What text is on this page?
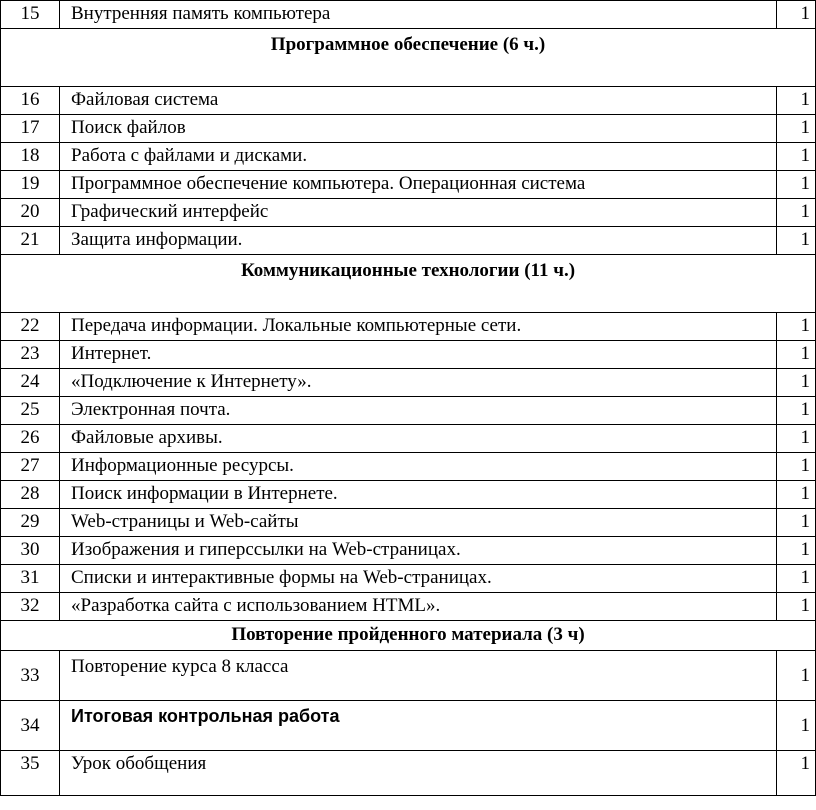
15	Внутренняя память компьютера	1
Программное обеспечение (6 ч.)		
16	Файловая система	1
17	Поиск файлов	1
18	Работа с файлами и дисками.	1
19	Программное обеспечение компьютера. Операционная система	1
20	Графический интерфейс	1
21	Защита информации.	1
Коммуникационные технологии (11 ч.)		
22	Передача информации. Локальные компьютерные сети.	1
23	Интернет.	1
24	«Подключение к Интернету».	1
25	Электронная почта.	1
26	Файловые архивы.	1
27	Информационные ресурсы.	1
28	Поиск информации в Интернете.	1
29	Web-страницы и Web-сайты	1
30	Изображения и гиперссылки на Web-страницах.	1
31	Списки и интерактивные формы на Web-страницах.	1
32	«Разработка сайта с использованием HTML».	1
Повторение пройденного материала (3 ч)		
33	Повторение курса 8 класса	1
34	Итоговая контрольная работа	1
35	Урок обобщения	1
